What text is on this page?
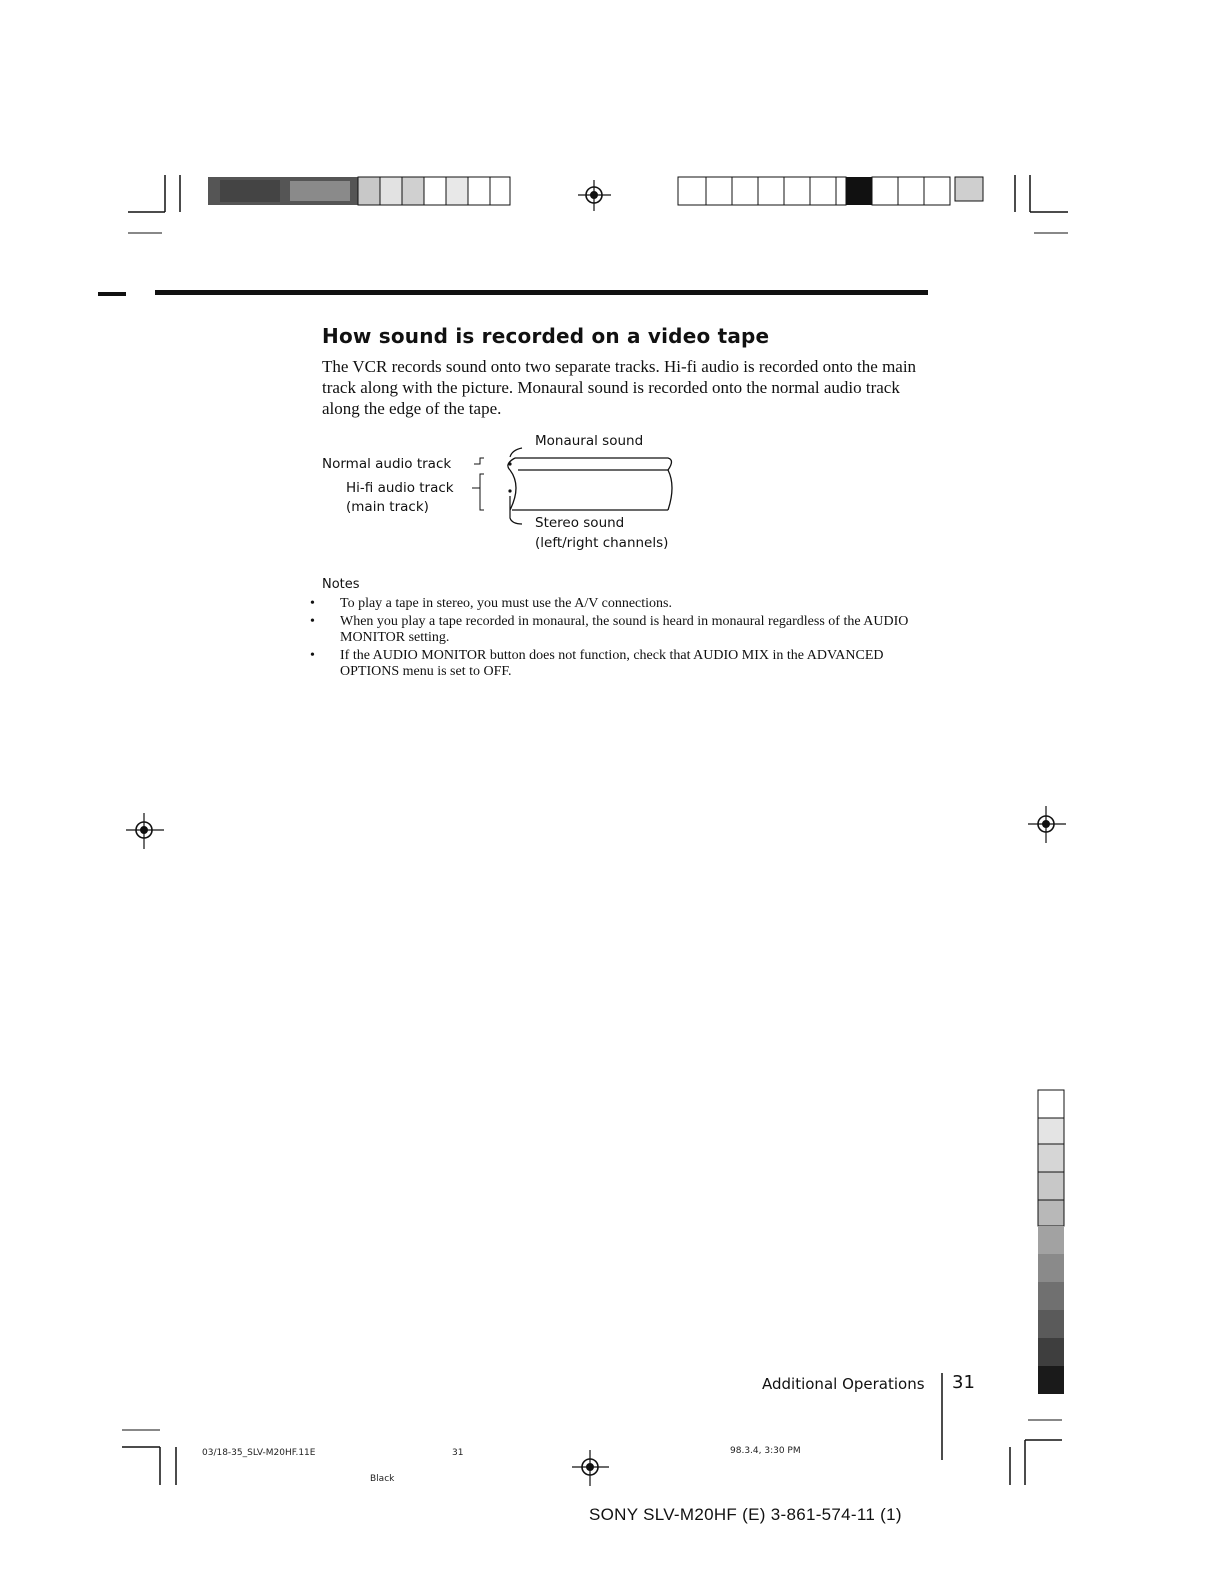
How sound is recorded on a video tape

The VCR records sound onto two separate tracks. Hi-fi audio is recorded onto the main track along with the picture. Monaural sound is recorded onto the normal audio track along the edge of the tape.

Monaural sound
Normal audio track
Hi-fi audio track
(main track)
Stereo sound
(left/right channels)
Notes
• To play a tape in stereo, you must use the A/V connections.
• When you play a tape recorded in monaural, the sound is heard in monaural regardless of the AUDIO MONITOR setting.
• If the AUDIO MONITOR button does not function, check that AUDIO MIX in the ADVANCED OPTIONS menu is set to OFF.
Additional Operations 31
03/18-35_SLV-M20HF.11E	31	98.3.4, 3:30 PM
Black
SONY SLV-M20HF (E) 3-861-574-11 (1)
